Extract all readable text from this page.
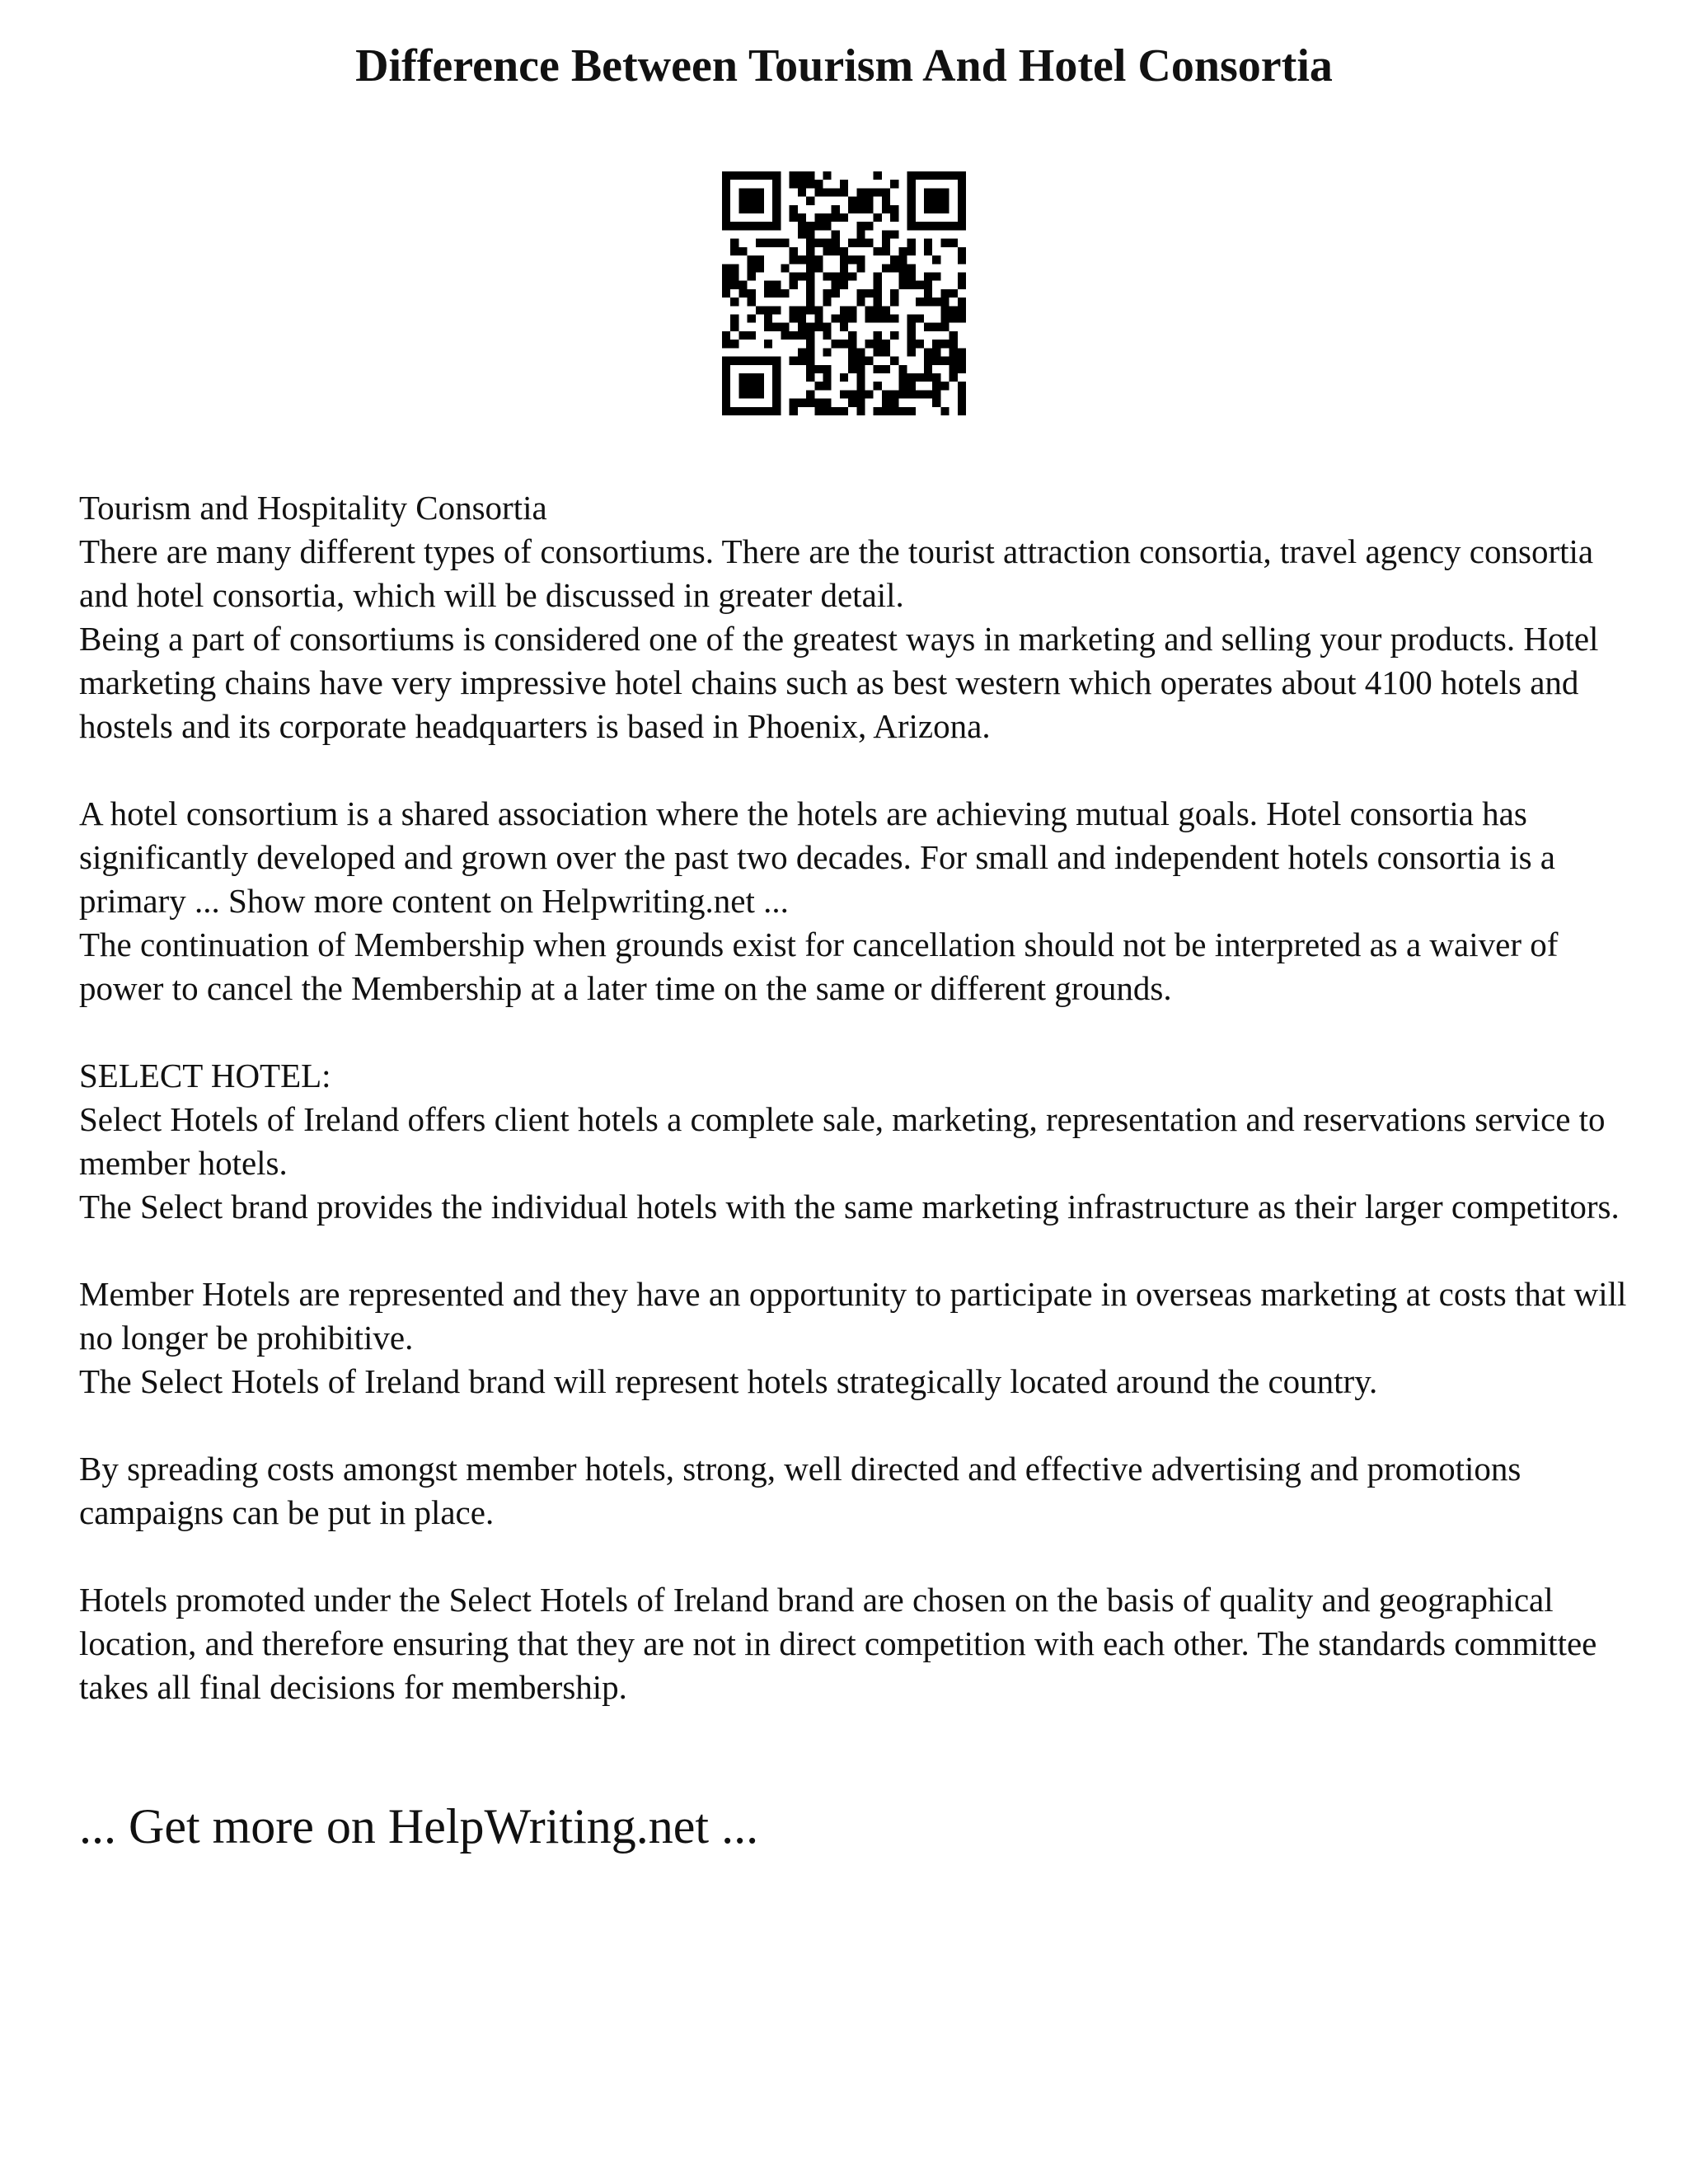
Difference Between Tourism And Hotel Consortia

Tourism and Hospitality Consortia

There are many different types of consortiums. There are the tourist attraction consortia, travel agency consortia and hotel consortia, which will be discussed in greater detail.

Being a part of consortiums is considered one of the greatest ways in marketing and selling your products. Hotel marketing chains have very impressive hotel chains such as best western which operates about 4100 hotels and hostels and its corporate headquarters is based in Phoenix, Arizona.

A hotel consortium is a shared association where the hotels are achieving mutual goals. Hotel consortia has significantly developed and grown over the past two decades. For small and independent hotels consortia is a primary ... Show more content on Helpwriting.net ...

The continuation of Membership when grounds exist for cancellation should not be interpreted as a waiver of power to cancel the Membership at a later time on the same or different grounds.

SELECT HOTEL:

Select Hotels of Ireland offers client hotels a complete sale, marketing, representation and reservations service to member hotels.

The Select brand provides the individual hotels with the same marketing infrastructure as their larger competitors.

Member Hotels are represented and they have an opportunity to participate in overseas marketing at costs that will no longer be prohibitive.

The Select Hotels of Ireland brand will represent hotels strategically located around the country.

By spreading costs amongst member hotels, strong, well directed and effective advertising and promotions campaigns can be put in place.

Hotels promoted under the Select Hotels of Ireland brand are chosen on the basis of quality and geographical location, and therefore ensuring that they are not in direct competition with each other. The standards committee takes all final decisions for membership.

... Get more on HelpWriting.net ...
